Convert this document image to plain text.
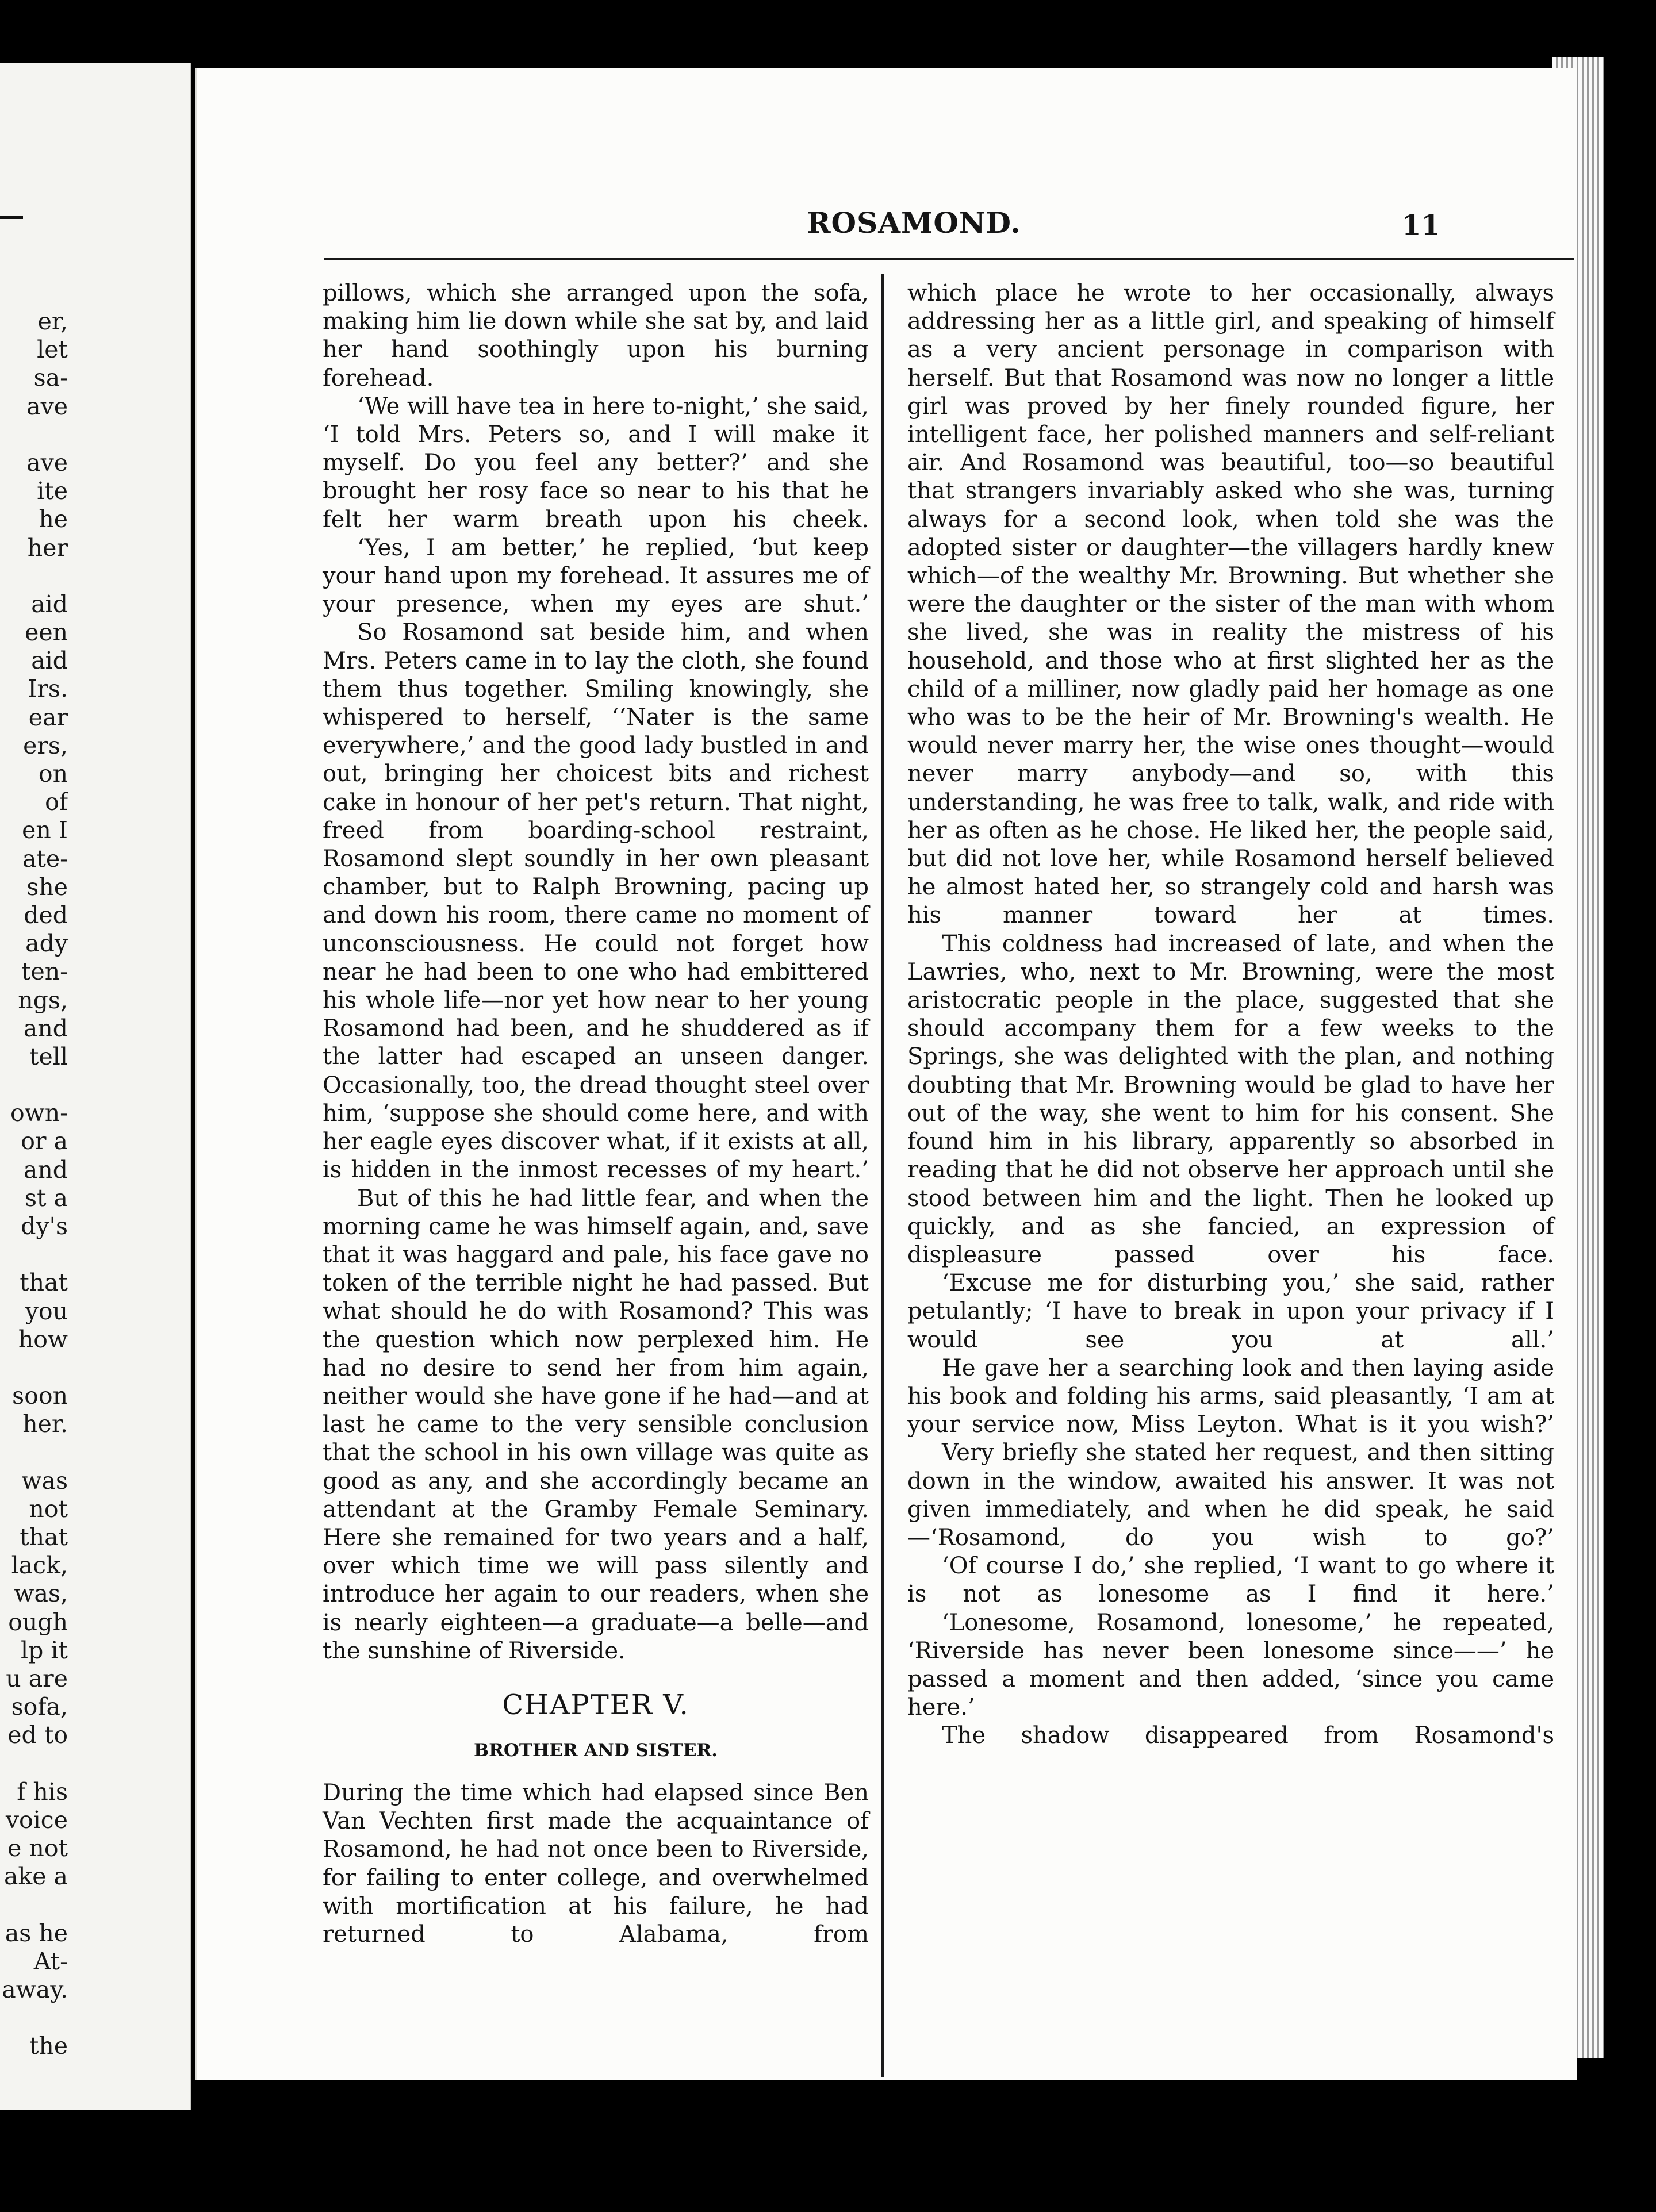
er,
let
sa-
ave
ave
ite
he
her
aid
een
aid
Irs.
ear
ers,
on
of
en I
ate-
she
ded
ady
ten-
ngs,
and
tell
own-
or a
and
st a
dy's
that
you
how
soon
her.
was
not
that
lack,
was,
ough
lp it
u are
sofa,
ed to
f his
voice
e not
ake a
as he
At-
away.
the
ROSAMOND.	11

pillows, which she arranged upon the sofa, making him lie down while she sat by, and laid her hand soothingly upon his burning forehead.

‘We will have tea in here to-night,’ she said, ‘I told Mrs. Peters so, and I will make it myself. Do you feel any better?’ and she brought her rosy face so near to his that he felt her warm breath upon his cheek.

‘Yes, I am better,’ he replied, ‘but keep your hand upon my forehead. It assures me of your presence, when my eyes are shut.’

So Rosamond sat beside him, and when Mrs. Peters came in to lay the cloth, she found them thus together. Smiling knowingly, she whispered to herself, ‘‘Nater is the same everywhere,’ and the good lady bustled in and out, bringing her choicest bits and richest cake in honour of her pet's return. That night, freed from boarding-school restraint, Rosamond slept soundly in her own pleasant chamber, but to Ralph Browning, pacing up and down his room, there came no moment of unconsciousness. He could not forget how near he had been to one who had embittered his whole life—nor yet how near to her young Rosamond had been, and he shuddered as if the latter had escaped an unseen danger. Occasionally, too, the dread thought steel over him, ‘suppose she should come here, and with her eagle eyes discover what, if it exists at all, is hidden in the inmost recesses of my heart.’

But of this he had little fear, and when the morning came he was himself again, and, save that it was haggard and pale, his face gave no token of the terrible night he had passed. But what should he do with Rosamond? This was the question which now perplexed him. He had no desire to send her from him again, neither would she have gone if he had—and at last he came to the very sensible conclusion that the school in his own village was quite as good as any, and she accordingly became an attendant at the Gramby Female Seminary. Here she remained for two years and a half, over which time we will pass silently and introduce her again to our readers, when she is nearly eighteen—a graduate—a belle—and the sunshine of Riverside.

CHAPTER V.
BROTHER AND SISTER.

During the time which had elapsed since Ben Van Vechten first made the acquaintance of Rosamond, he had not once been to Riverside, for failing to enter college, and overwhelmed with mortification at his failure, he had returned to Alabama, from

which place he wrote to her occasionally, always addressing her as a little girl, and speaking of himself as a very ancient personage in comparison with herself. But that Rosamond was now no longer a little girl was proved by her finely rounded figure, her intelligent face, her polished manners and self-reliant air. And Rosamond was beautiful, too—so beautiful that strangers invariably asked who she was, turning always for a second look, when told she was the adopted sister or daughter—the villagers hardly knew which—of the wealthy Mr. Browning. But whether she were the daughter or the sister of the man with whom she lived, she was in reality the mistress of his household, and those who at first slighted her as the child of a milliner, now gladly paid her homage as one who was to be the heir of Mr. Browning's wealth. He would never marry her, the wise ones thought—would never marry anybody—and so, with this understanding, he was free to talk, walk, and ride with her as often as he chose. He liked her, the people said, but did not love her, while Rosamond herself believed he almost hated her, so strangely cold and harsh was his manner toward her at times.

This coldness had increased of late, and when the Lawries, who, next to Mr. Browning, were the most aristocratic people in the place, suggested that she should accompany them for a few weeks to the Springs, she was delighted with the plan, and nothing doubting that Mr. Browning would be glad to have her out of the way, she went to him for his consent. She found him in his library, apparently so absorbed in reading that he did not observe her approach until she stood between him and the light. Then he looked up quickly, and as she fancied, an expression of displeasure passed over his face.

‘Excuse me for disturbing you,’ she said, rather petulantly; ‘I have to break in upon your privacy if I would see you at all.’

He gave her a searching look and then laying aside his book and folding his arms, said pleasantly, ‘I am at your service now, Miss Leyton. What is it you wish?’

Very briefly she stated her request, and then sitting down in the window, awaited his answer. It was not given immediately, and when he did speak, he said—‘Rosamond, do you wish to go?’

‘Of course I do,’ she replied, ‘I want to go where it is not as lonesome as I find it here.’

‘Lonesome, Rosamond, lonesome,’ he repeated, ‘Riverside has never been lonesome since——’ he passed a moment and then added, ‘since you came here.’

The shadow disappeared from Rosamond's
